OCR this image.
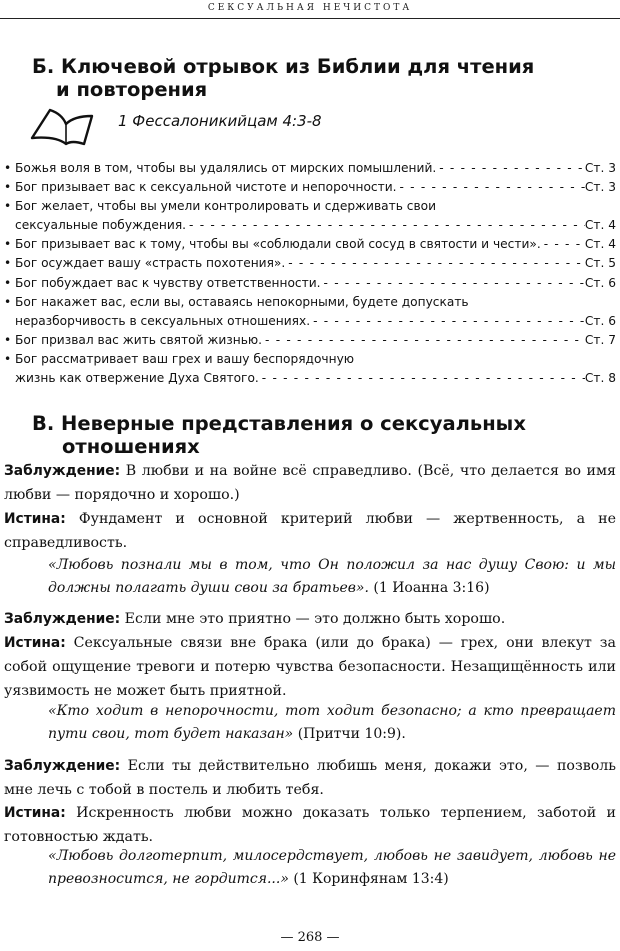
СЕКСУАЛЬНАЯ НЕЧИСТОТА
Б. Ключевой отрывок из Библии для чтения
и повторения
1 Фессалоникийцам 4:3-8
• Божья воля в том, чтобы вы удалялись от мирских помышлений. - - -	Ст. 3
• Бог призывает вас к сексуальной чистоте и непорочности. - - -	Ст. 3
• Бог желает, чтобы вы умели контролировать и сдерживать свои
сексуальные побуждения. - - -	Ст. 4
• Бог призывает вас к тому, чтобы вы «соблюдали свой сосуд в святости и чести». - - -	Ст. 4
• Бог осуждает вашу «страсть похотения». - - -	Ст. 5
• Бог побуждает вас к чувству ответственности. - - -	Ст. 6
• Бог накажет вас, если вы, оставаясь непокорными, будете допускать
неразборчивость в сексуальных отношениях. - - -	Ст. 6
• Бог призвал вас жить святой жизнью. - - -	Ст. 7
• Бог рассматривает ваш грех и вашу беспорядочную
жизнь как отвержение Духа Святого. - - -	Ст. 8
В. Неверные представления о сексуальных
отношениях
Заблуждение: В любви и на войне всё справедливо. (Всё, что делается во имя любви — порядочно и хорошо.)
Истина: Фундамент и основной критерий любви — жертвенность, а не справедливость.
«Любовь познали мы в том, что Он положил за нас душу Свою: и мы должны полагать души свои за братьев». (1 Иоанна 3:16)
Заблуждение: Если мне это приятно — это должно быть хорошо.
Истина: Сексуальные связи вне брака (или до брака) — грех, они влекут за собой ощущение тревоги и потерю чувства безопасности. Незащищённость или уязвимость не может быть приятной.
«Кто ходит в непорочности, тот ходит безопасно; а кто превращает пути свои, тот будет наказан» (Притчи 10:9).
Заблуждение: Если ты действительно любишь меня, докажи это, — позволь мне лечь с тобой в постель и любить тебя.
Истина: Искренность любви можно доказать только терпением, заботой и готовностью ждать.
«Любовь долготерпит, милосердствует, любовь не завидует, любовь не превозносится, не гордится...» (1 Коринфянам 13:4)
— 268 —
